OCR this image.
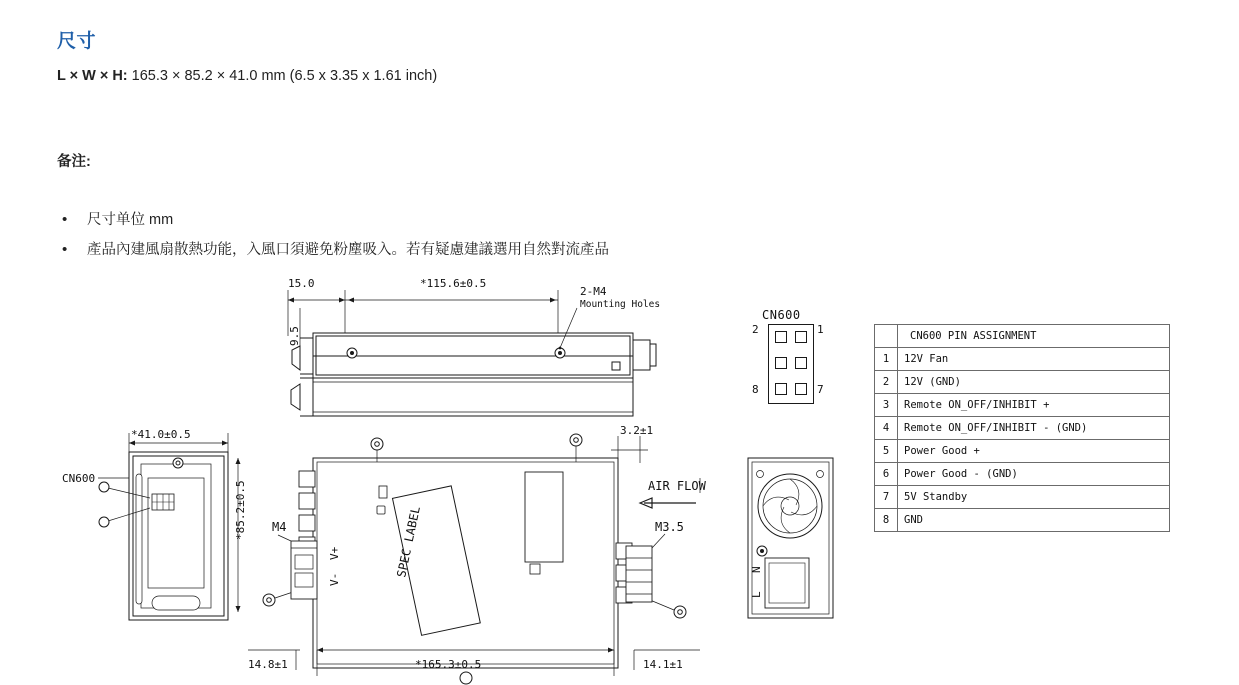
尺寸
L × W × H: 165.3 × 85.2 × 41.0 mm (6.5 x 3.35 x 1.61 inch)
备注:
• 尺寸单位 mm
• 產品內建風扇散熱功能，入風口須避免粉塵吸入。若有疑慮建議選用自然對流產品
CN600
15.0	*115.6±0.5
2-M4
Mounting Holes
9.5
*41.0±0.5
*85.2±0.5
CN600
SPEC LABEL
AIR FLOW
3.2±1
M4	M3.5
V+
V-
14.8±1	*165.3±0.5	14.1±1
N
L
2	1
8	7
	CN600 PIN ASSIGNMENT
1	12V Fan
2	12V (GND)
3	Remote ON_OFF/INHIBIT +
4	Remote ON_OFF/INHIBIT - (GND)
5	Power Good +
6	Power Good - (GND)
7	5V Standby
8	GND
